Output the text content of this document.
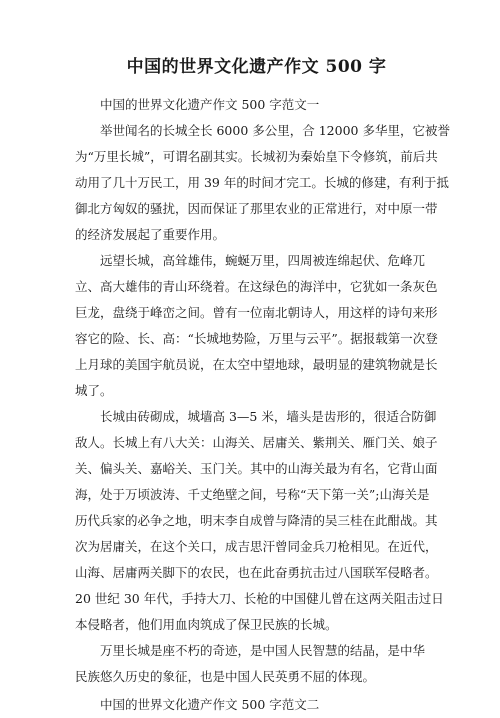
中国的世界文化遗产作文 500 字
中国的世界文化遗产作文 500 字范文一
举世闻名的长城全长 6000 多公里，合 12000 多华里，它被誉
为“万里长城”，可谓名副其实。长城初为秦始皇下令修筑，前后共
动用了几十万民工，用 39 年的时间才完工。长城的修建，有利于抵
御北方匈奴的骚扰，因而保证了那里农业的正常进行，对中原一带
的经济发展起了重要作用。
远望长城，高耸雄伟，蜿蜒万里，四周被连绵起伏、危峰兀
立、高大雄伟的青山环绕着。在这绿色的海洋中，它犹如一条灰色
巨龙，盘绕于峰峦之间。曾有一位南北朝诗人，用这样的诗句来形
容它的险、长、高：“长城地势险，万里与云平”。据报载第一次登
上月球的美国宇航员说，在太空中望地球，最明显的建筑物就是长
城了。
长城由砖砌成，城墙高 3—5 米，墙头是齿形的，很适合防御
敌人。长城上有八大关：山海关、居庸关、紫荆关、雁门关、娘子
关、偏头关、嘉峪关、玉门关。其中的山海关最为有名，它背山面
海，处于万顷波涛、千丈绝壁之间，号称“天下第一关”;山海关是
历代兵家的必争之地，明末李自成曾与降清的吴三桂在此酣战。其
次为居庸关，在这个关口，成吉思汗曾同金兵刀枪相见。在近代，
山海、居庸两关脚下的农民，也在此奋勇抗击过八国联军侵略者。
20 世纪 30 年代，手持大刀、长枪的中国健儿曾在这两关阻击过日
本侵略者，他们用血肉筑成了保卫民族的长城。
万里长城是座不朽的奇迹，是中国人民智慧的结晶，是中华
民族悠久历史的象征，也是中国人民英勇不屈的体现。
中国的世界文化遗产作文 500 字范文二
